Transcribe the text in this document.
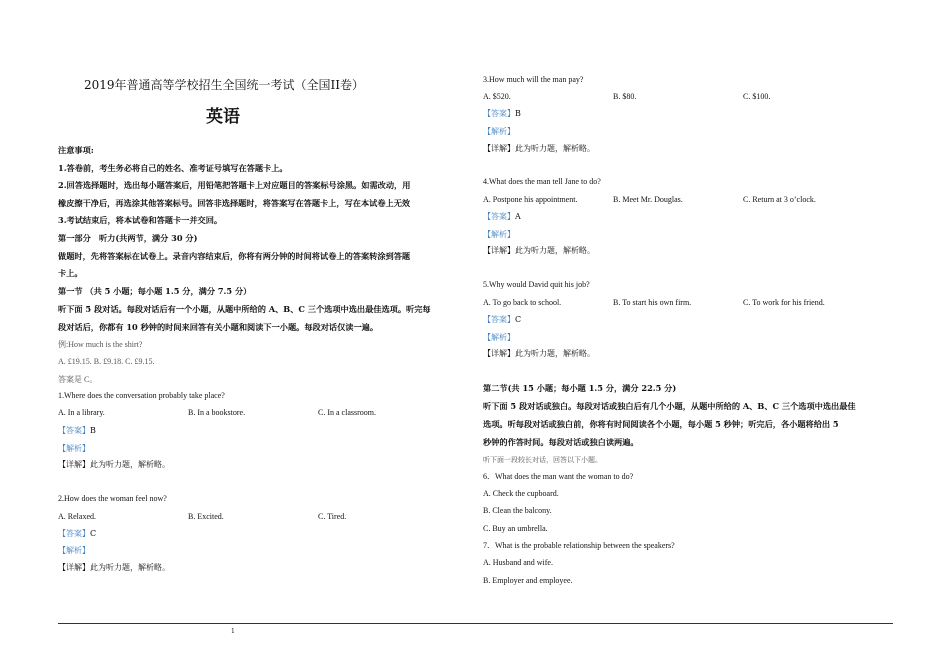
2019年普通高等学校招生全国统一考试（全国II卷）
英语
注意事项:
1.答卷前，考生务必将自己的姓名、准考证号填写在答题卡上。
2.回答选择题时，选出每小题答案后，用铅笔把答题卡上对应题目的答案标号涂黑。如需改动，用
橡皮擦干净后，再选涂其他答案标号。回答非选择题时，将答案写在答题卡上，写在本试卷上无效
3.考试结束后，将本试卷和答题卡一并交回。
第一部分　听力(共两节，满分 30 分)
做题时，先将答案标在试卷上。录音内容结束后，你将有两分钟的时间将试卷上的答案转涂到答题
卡上。
第一节 （共 5 小题；每小题 1.5 分，满分 7.5 分）
听下面 5 段对话。每段对话后有一个小题，从题中所给的 A、B、C 三个选项中选出最佳选项。听完每
段对话后，你都有 10 秒钟的时间来回答有关小题和阅读下一小题。每段对话仅读一遍。
例:How much is the shirt?
A. £19.15. B. £9.18. C. £9.15.
答案是 C。
1.Where does the conversation probably take place?
A. In a library.	B. In a bookstore.	C. In a classroom.
【答案】B
【解析】
【详解】此为听力题，解析略。
2.How does the woman feel now?
A. Relaxed.	B. Excited.	C. Tired.
【答案】C
【解析】
【详解】此为听力题，解析略。
3.How much will the man pay?
A. $520.	B. $80.	C. $100.
【答案】B
【解析】
【详解】此为听力题，解析略。
4.What does the man tell Jane to do?
A. Postpone his appointment.	B. Meet Mr. Douglas.	C. Return at 3 o’clock.
【答案】A
【解析】
【详解】此为听力题，解析略。
5.Why would David quit his job?
A. To go back to school.	B. To start his own firm.	C. To work for his friend.
【答案】C
【解析】
【详解】此为听力题，解析略。
第二节(共 15 小题；每小题 1.5 分，满分 22.5 分)
听下面 5 段对话或独白。每段对话或独白后有几个小题，从题中所给的 A、B、C 三个选项中选出最佳
选项。听每段对话或独白前，你将有时间阅读各个小题，每小题 5 秒钟；听完后，各小题将给出 5
秒钟的作答时间。每段对话或独白读两遍。
听下面一段较长对话，回答以下小题。
6．What does the man want the woman to do?
A. Check the cupboard.
B. Clean the balcony.
C. Buy an umbrella.
7．What is the probable relationship between the speakers?
A. Husband and wife.
B. Employer and employee.
1
